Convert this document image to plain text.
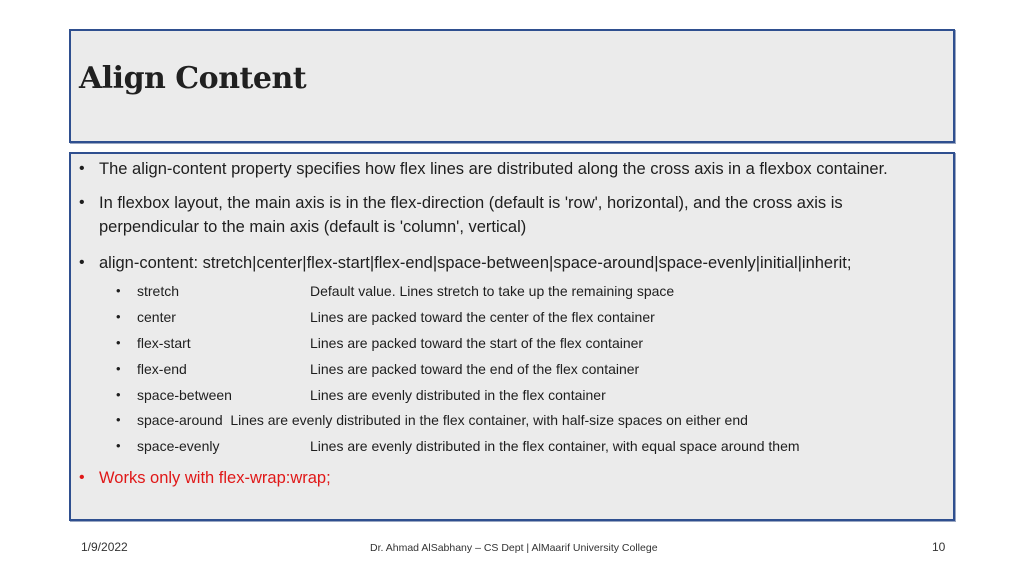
Align Content
• The align-content property specifies how flex lines are distributed along the cross axis in a flexbox container.
• In flexbox layout, the main axis is in the flex-direction (default is 'row', horizontal), and the cross axis is
perpendicular to the main axis (default is 'column', vertical)
• align-content: stretch|center|flex-start|flex-end|space-between|space-around|space-evenly|initial|inherit;
• stretch	Default value. Lines stretch to take up the remaining space
• center	Lines are packed toward the center of the flex container
• flex-start	Lines are packed toward the start of the flex container
• flex-end	Lines are packed toward the end of the flex container
• space-between	Lines are evenly distributed in the flex container
• space-around  Lines are evenly distributed in the flex container, with half-size spaces on either end
• space-evenly	Lines are evenly distributed in the flex container, with equal space around them
• Works only with flex-wrap:wrap;
1/9/2022	Dr. Ahmad AlSabhany – CS Dept | AlMaarif University College	10
